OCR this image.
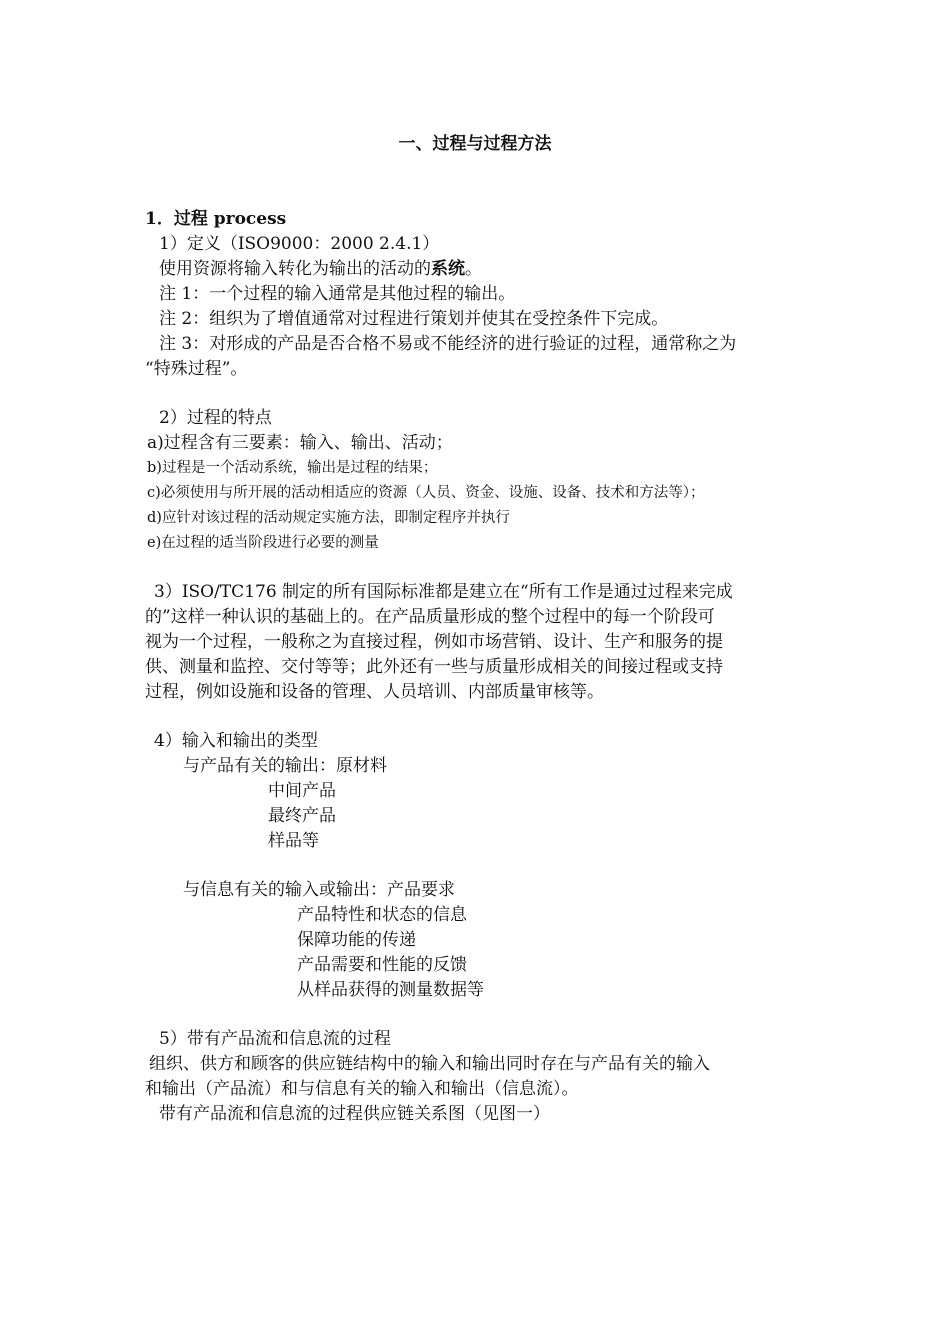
一、过程与过程方法
1．过程 process
1）定义（ISO9000：2000 2.4.1）
使用资源将输入转化为输出的活动的系统。
注 1：一个过程的输入通常是其他过程的输出。
注 2：组织为了增值通常对过程进行策划并使其在受控条件下完成。
注 3：对形成的产品是否合格不易或不能经济的进行验证的过程，通常称之为
“特殊过程”。
2）过程的特点
a)过程含有三要素：输入、输出、活动；
b)过程是一个活动系统，输出是过程的结果；
c)必须使用与所开展的活动相适应的资源（人员、资金、设施、设备、技术和方法等）；
d)应针对该过程的活动规定实施方法，即制定程序并执行
e)在过程的适当阶段进行必要的测量
3）ISO/TC176 制定的所有国际标准都是建立在“所有工作是通过过程来完成
的”这样一种认识的基础上的。在产品质量形成的整个过程中的每一个阶段可
视为一个过程，一般称之为直接过程，例如市场营销、设计、生产和服务的提
供、测量和监控、交付等等；此外还有一些与质量形成相关的间接过程或支持
过程，例如设施和设备的管理、人员培训、内部质量审核等。
4）输入和输出的类型
与产品有关的输出：原材料
中间产品
最终产品
样品等
与信息有关的输入或输出：产品要求
产品特性和状态的信息
保障功能的传递
产品需要和性能的反馈
从样品获得的测量数据等
5）带有产品流和信息流的过程
组织、供方和顾客的供应链结构中的输入和输出同时存在与产品有关的输入
和输出（产品流）和与信息有关的输入和输出（信息流）。
带有产品流和信息流的过程供应链关系图（见图一）
